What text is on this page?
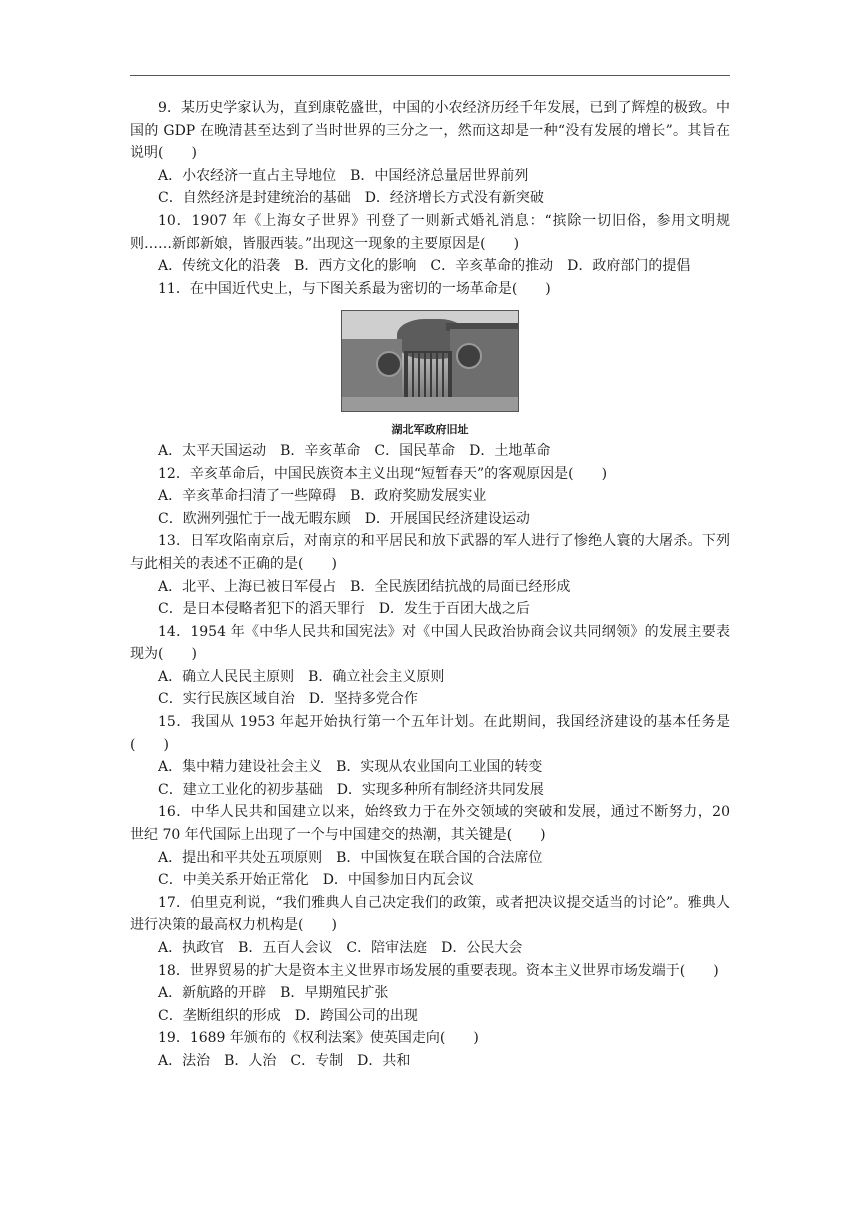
9．某历史学家认为，直到康乾盛世，中国的小农经济历经千年发展，已到了辉煌的极致。中国的 GDP 在晚清甚至达到了当时世界的三分之一，然而这却是一种“没有发展的增长”。其旨在说明(　　)

A．小农经济一直占主导地位　B．中国经济总量居世界前列

C．自然经济是封建统治的基础　D．经济增长方式没有新突破

10．1907 年《上海女子世界》刊登了一则新式婚礼消息：“摈除一切旧俗，参用文明规则……新郎新娘，皆服西装。”出现这一现象的主要原因是(　　)

A．传统文化的沿袭　B．西方文化的影响　C．辛亥革命的推动　D．政府部门的提倡

11．在中国近代史上，与下图关系最为密切的一场革命是(　　)

湖北军政府旧址

A．太平天国运动　B．辛亥革命　C．国民革命　D．土地革命

12．辛亥革命后，中国民族资本主义出现“短暂春天”的客观原因是(　　)

A．辛亥革命扫清了一些障碍　B．政府奖励发展实业

C．欧洲列强忙于一战无暇东顾　D．开展国民经济建设运动

13．日军攻陷南京后，对南京的和平居民和放下武器的军人进行了惨绝人寰的大屠杀。下列与此相关的表述不正确的是(　　)

A．北平、上海已被日军侵占　B．全民族团结抗战的局面已经形成

C．是日本侵略者犯下的滔天罪行　D．发生于百团大战之后

14．1954 年《中华人民共和国宪法》对《中国人民政治协商会议共同纲领》的发展主要表现为(　　)

A．确立人民民主原则　B．确立社会主义原则

C．实行民族区域自治　D．坚持多党合作

15．我国从 1953 年起开始执行第一个五年计划。在此期间，我国经济建设的基本任务是(　　)

A．集中精力建设社会主义　B．实现从农业国向工业国的转变

C．建立工业化的初步基础　D．实现多种所有制经济共同发展

16．中华人民共和国建立以来，始终致力于在外交领域的突破和发展，通过不断努力，20 世纪 70 年代国际上出现了一个与中国建交的热潮，其关键是(　　)

A．提出和平共处五项原则　B．中国恢复在联合国的合法席位

C．中美关系开始正常化　D．中国参加日内瓦会议

17．伯里克利说，“我们雅典人自己决定我们的政策，或者把决议提交适当的讨论”。雅典人进行决策的最高权力机构是(　　)

A．执政官　B．五百人会议　C．陪审法庭　D．公民大会

18．世界贸易的扩大是资本主义世界市场发展的重要表现。资本主义世界市场发端于(　　)

A．新航路的开辟　B．早期殖民扩张

C．垄断组织的形成　D．跨国公司的出现

19．1689 年颁布的《权利法案》使英国走向(　　)

A．法治　B．人治　C．专制　D．共和
